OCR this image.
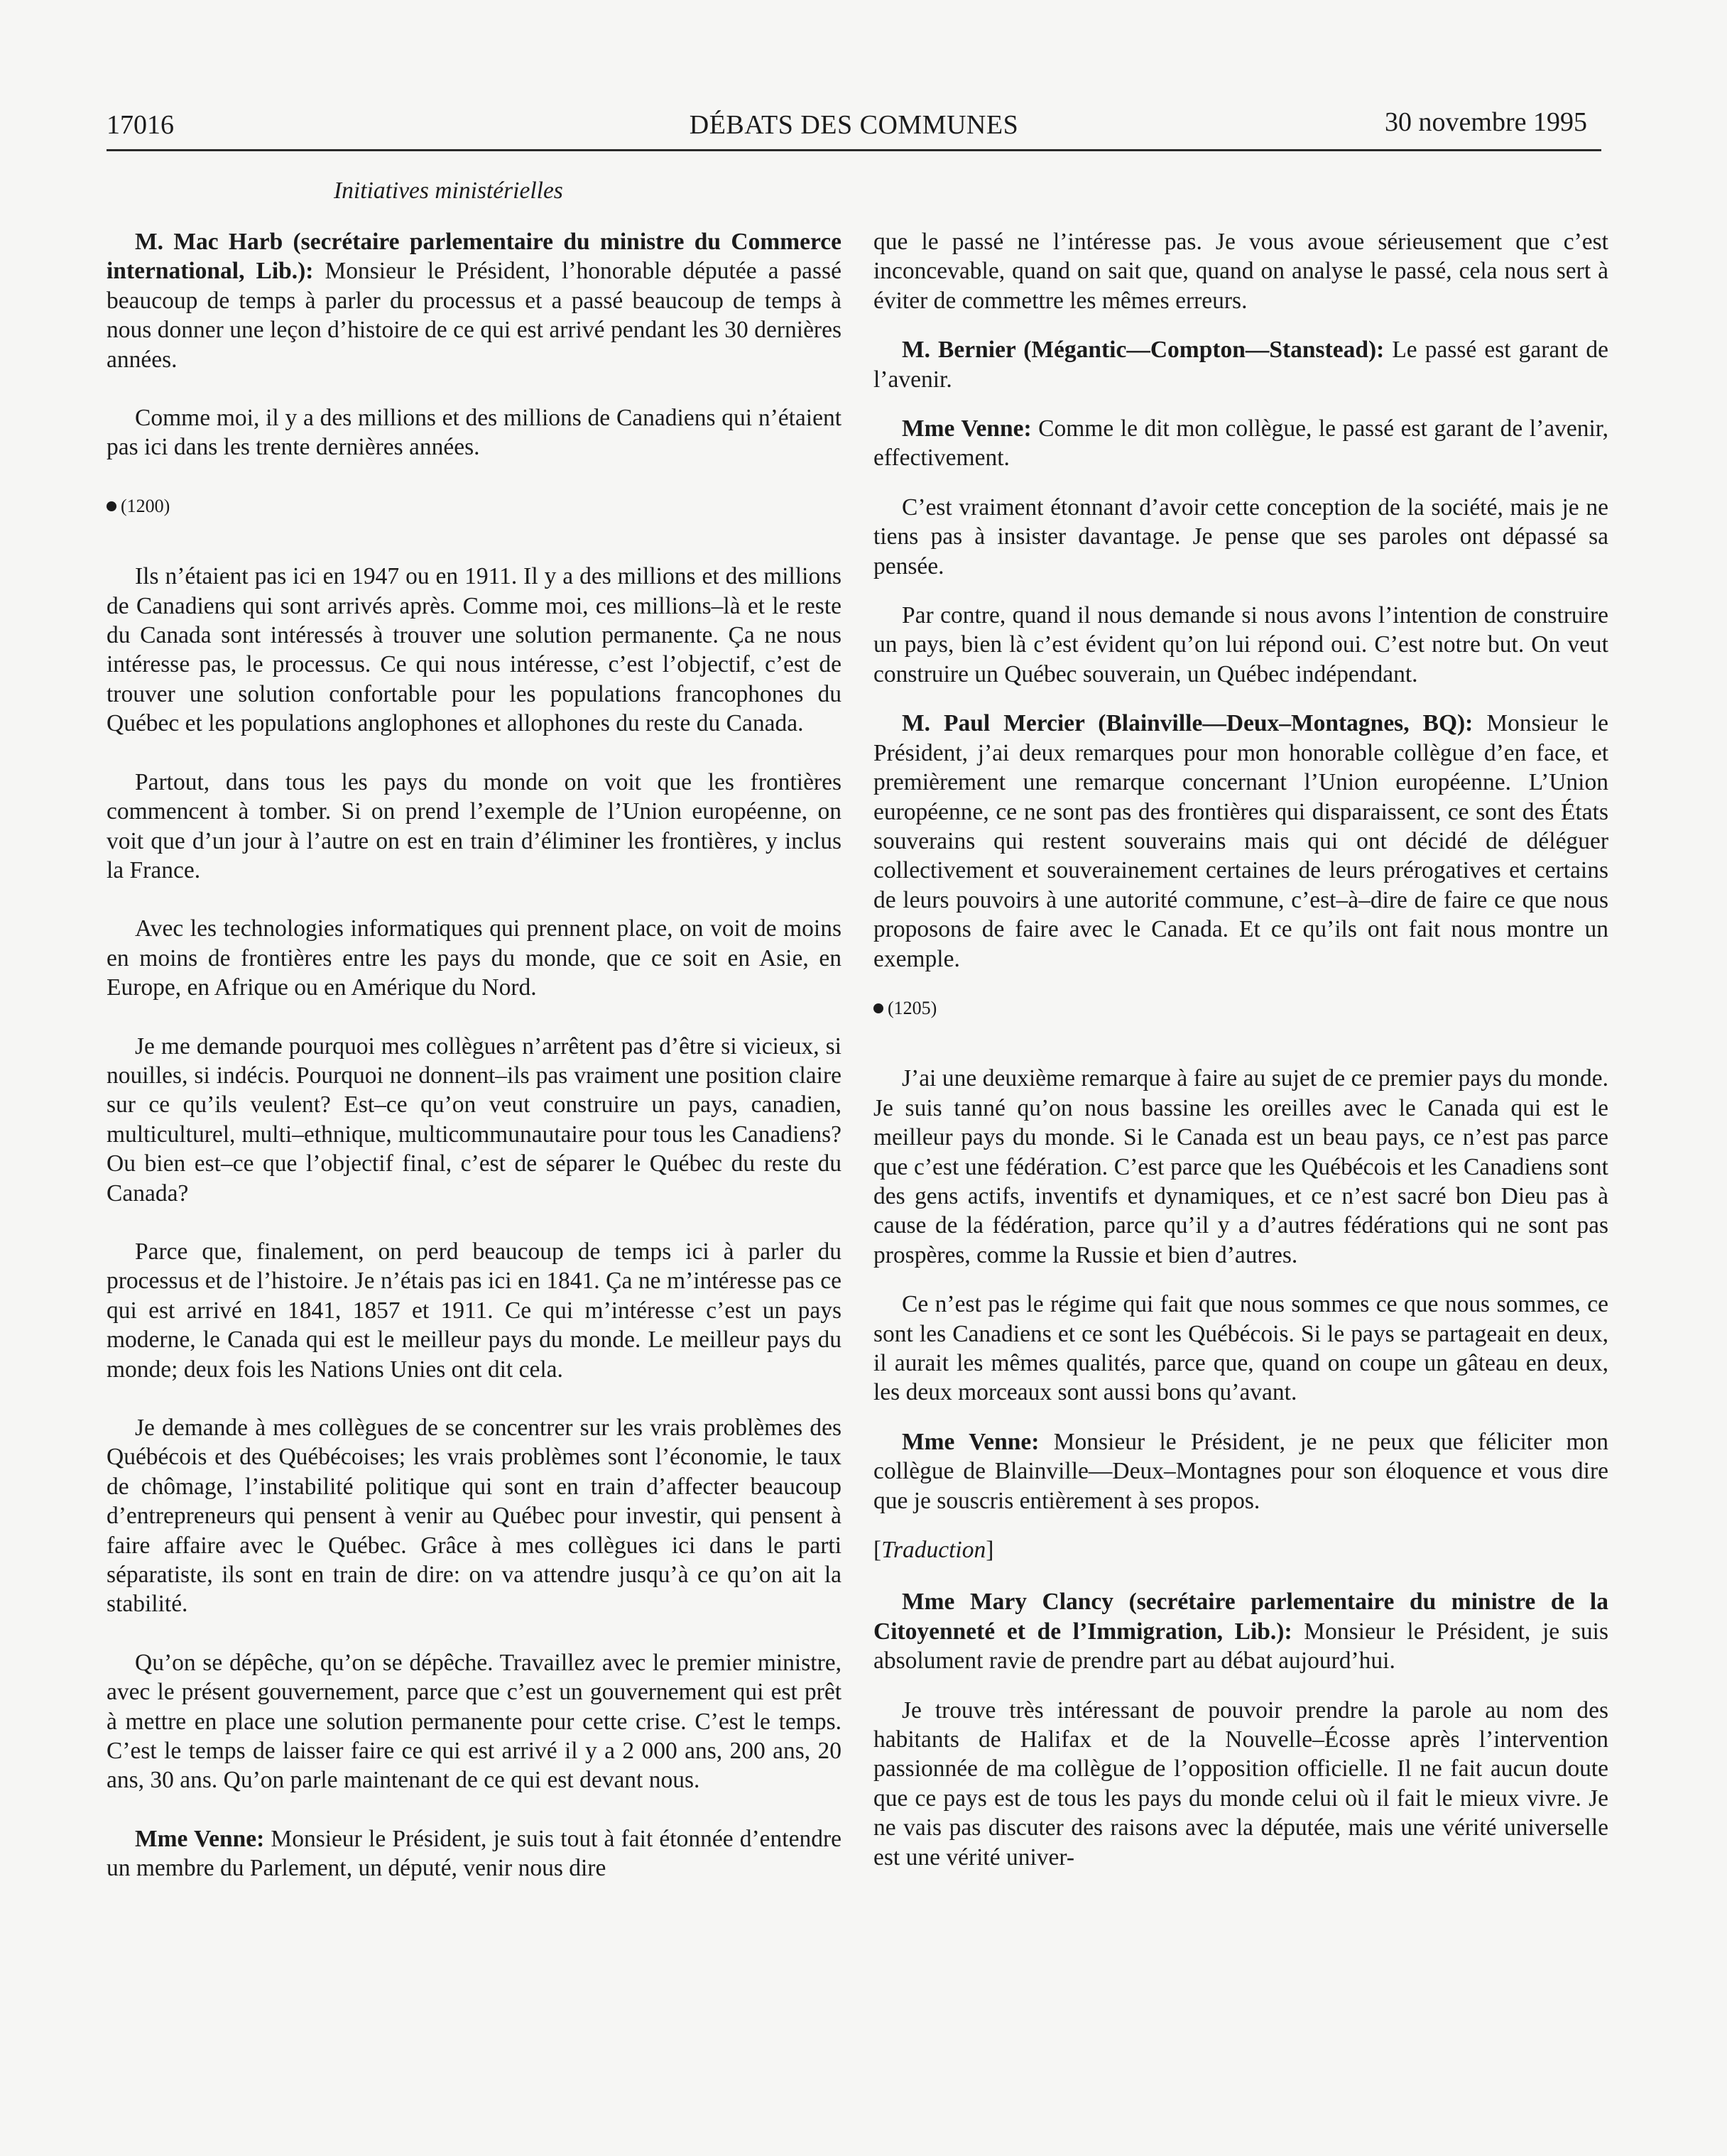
17016	DÉBATS DES COMMUNES	30 novembre 1995
Initiatives ministérielles

M. Mac Harb (secrétaire parlementaire du ministre du Commerce international, Lib.): Monsieur le Président, l’honorable députée a passé beaucoup de temps à parler du processus et a passé beaucoup de temps à nous donner une leçon d’histoire de ce qui est arrivé pendant les 30 dernières années.

Comme moi, il y a des millions et des millions de Canadiens qui n’étaient pas ici dans les trente dernières années.

(1200)

Ils n’étaient pas ici en 1947 ou en 1911. Il y a des millions et des millions de Canadiens qui sont arrivés après. Comme moi, ces millions–là et le reste du Canada sont intéressés à trouver une solution permanente. Ça ne nous intéresse pas, le processus. Ce qui nous intéresse, c’est l’objectif, c’est de trouver une solution confortable pour les populations francophones du Québec et les populations anglophones et allophones du reste du Canada.

Partout, dans tous les pays du monde on voit que les frontières commencent à tomber. Si on prend l’exemple de l’Union européenne, on voit que d’un jour à l’autre on est en train d’éliminer les frontières, y inclus la France.

Avec les technologies informatiques qui prennent place, on voit de moins en moins de frontières entre les pays du monde, que ce soit en Asie, en Europe, en Afrique ou en Amérique du Nord.

Je me demande pourquoi mes collègues n’arrêtent pas d’être si vicieux, si nouilles, si indécis. Pourquoi ne donnent–ils pas vraiment une position claire sur ce qu’ils veulent? Est–ce qu’on veut construire un pays, canadien, multiculturel, multi–ethnique, multicommunautaire pour tous les Canadiens? Ou bien est–ce que l’objectif final, c’est de séparer le Québec du reste du Canada?

Parce que, finalement, on perd beaucoup de temps ici à parler du processus et de l’histoire. Je n’étais pas ici en 1841. Ça ne m’intéresse pas ce qui est arrivé en 1841, 1857 et 1911. Ce qui m’intéresse c’est un pays moderne, le Canada qui est le meilleur pays du monde. Le meilleur pays du monde; deux fois les Nations Unies ont dit cela.

Je demande à mes collègues de se concentrer sur les vrais problèmes des Québécois et des Québécoises; les vrais problèmes sont l’économie, le taux de chômage, l’instabilité politique qui sont en train d’affecter beaucoup d’entrepreneurs qui pensent à venir au Québec pour investir, qui pensent à faire affaire avec le Québec. Grâce à mes collègues ici dans le parti séparatiste, ils sont en train de dire: on va attendre jusqu’à ce qu’on ait la stabilité.

Qu’on se dépêche, qu’on se dépêche. Travaillez avec le premier ministre, avec le présent gouvernement, parce que c’est un gouvernement qui est prêt à mettre en place une solution permanente pour cette crise. C’est le temps. C’est le temps de laisser faire ce qui est arrivé il y a 2 000 ans, 200 ans, 20 ans, 30 ans. Qu’on parle maintenant de ce qui est devant nous.

Mme Venne: Monsieur le Président, je suis tout à fait étonnée d’entendre un membre du Parlement, un député, venir nous dire

que le passé ne l’intéresse pas. Je vous avoue sérieusement que c’est inconcevable, quand on sait que, quand on analyse le passé, cela nous sert à éviter de commettre les mêmes erreurs.

M. Bernier (Mégantic—Compton—Stanstead): Le passé est garant de l’avenir.

Mme Venne: Comme le dit mon collègue, le passé est garant de l’avenir, effectivement.

C’est vraiment étonnant d’avoir cette conception de la société, mais je ne tiens pas à insister davantage. Je pense que ses paroles ont dépassé sa pensée.

Par contre, quand il nous demande si nous avons l’intention de construire un pays, bien là c’est évident qu’on lui répond oui. C’est notre but. On veut construire un Québec souverain, un Québec indépendant.

M. Paul Mercier (Blainville—Deux–Montagnes, BQ): Monsieur le Président, j’ai deux remarques pour mon honorable collègue d’en face, et premièrement une remarque concernant l’Union européenne. L’Union européenne, ce ne sont pas des frontières qui disparaissent, ce sont des États souverains qui restent souverains mais qui ont décidé de déléguer collectivement et souverainement certaines de leurs prérogatives et certains de leurs pouvoirs à une autorité commune, c’est–à–dire de faire ce que nous proposons de faire avec le Canada. Et ce qu’ils ont fait nous montre un exemple.

(1205)

J’ai une deuxième remarque à faire au sujet de ce premier pays du monde. Je suis tanné qu’on nous bassine les oreilles avec le Canada qui est le meilleur pays du monde. Si le Canada est un beau pays, ce n’est pas parce que c’est une fédération. C’est parce que les Québécois et les Canadiens sont des gens actifs, inventifs et dynamiques, et ce n’est sacré bon Dieu pas à cause de la fédération, parce qu’il y a d’autres fédérations qui ne sont pas prospères, comme la Russie et bien d’autres.

Ce n’est pas le régime qui fait que nous sommes ce que nous sommes, ce sont les Canadiens et ce sont les Québécois. Si le pays se partageait en deux, il aurait les mêmes qualités, parce que, quand on coupe un gâteau en deux, les deux morceaux sont aussi bons qu’avant.

Mme Venne: Monsieur le Président, je ne peux que féliciter mon collègue de Blainville—Deux–Montagnes pour son éloquence et vous dire que je souscris entièrement à ses propos.

[Traduction]

Mme Mary Clancy (secrétaire parlementaire du ministre de la Citoyenneté et de l’Immigration, Lib.): Monsieur le Président, je suis absolument ravie de prendre part au débat aujourd’hui.

Je trouve très intéressant de pouvoir prendre la parole au nom des habitants de Halifax et de la Nouvelle–Écosse après l’intervention passionnée de ma collègue de l’opposition officielle. Il ne fait aucun doute que ce pays est de tous les pays du monde celui où il fait le mieux vivre. Je ne vais pas discuter des raisons avec la députée, mais une vérité universelle est une vérité univer-
